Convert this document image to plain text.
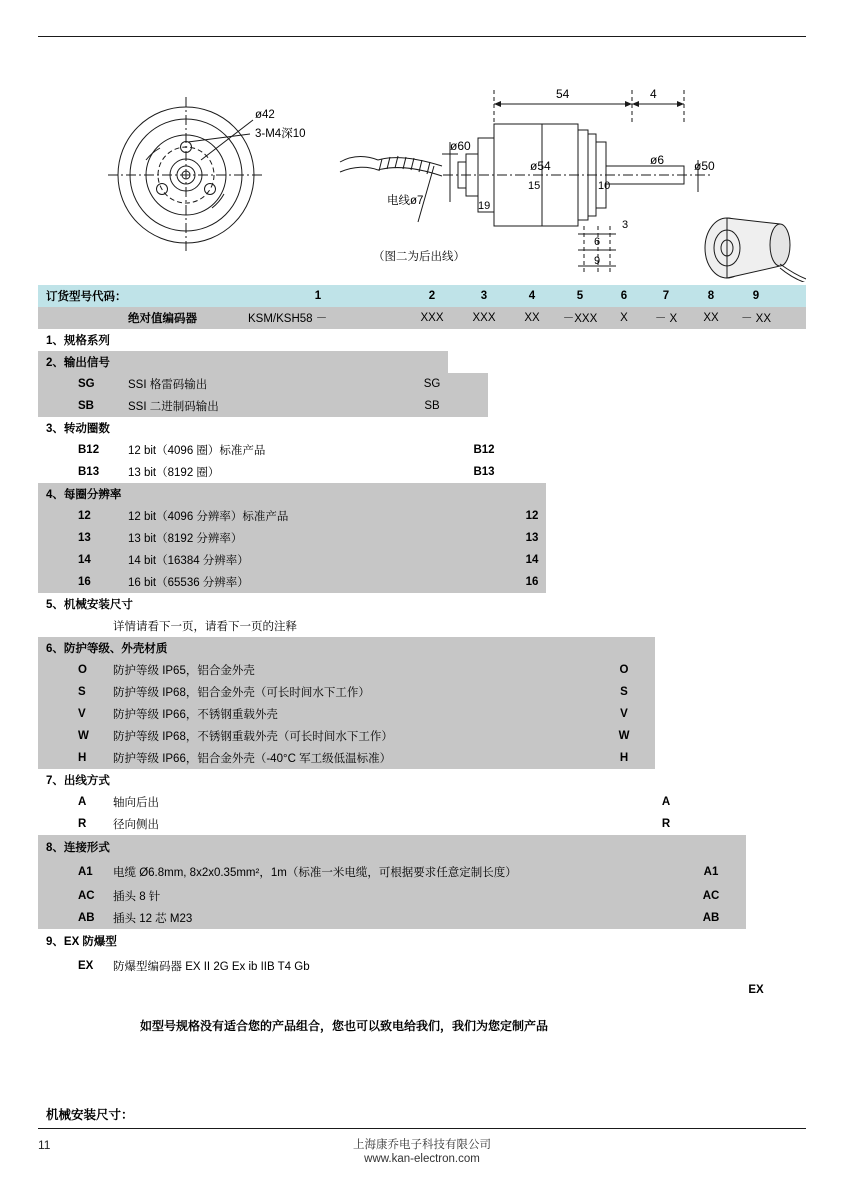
ø42
3-M4深10
ø60
ø54	ø6 ø50
54	4
19
15	10
3
6
9
电线ø7
（图二为后出线）
订货型号代码：	1	2	3	4	5	6	7	8	9
绝对值编码器	KSM/KSH58 －	XXX	XXX	XX	－XXX	X	－ X	XX	－ XX
1、规格系列
2、输出信号
SG	SSI 格雷码输出	SG
SB	SSI 二进制码输出	SB
3、转动圈数
B12	12 bit（4096 圈）标准产品	B12
B13	13 bit（8192 圈）	B13
4、每圈分辨率
12	12 bit（4096 分辨率）标准产品	12
13	13 bit（8192 分辨率）	13
14	14 bit（16384 分辨率）	14
16	16 bit（65536 分辨率）	16
5、机械安装尺寸
详情请看下一页，请看下一页的注释
6、防护等级、外壳材质
O 防护等级 IP65，铝合金外壳	O
S 防护等级 IP68，铝合金外壳（可长时间水下工作）	S
V 防护等级 IP66，不锈钢重载外壳	V
W 防护等级 IP68，不锈钢重载外壳（可长时间水下工作）	W
H 防护等级 IP66，铝合金外壳（-40°C 军工级低温标准）	H
7、出线方式
A 轴向后出	A
R 径向侧出	R
8、连接形式
A1 电缆 Ø6.8mm, 8x2x0.35mm²，1m（标准一米电缆，可根据要求任意定制长度）	A1
AC 插头 8 针	AC
AB 插头 12 芯 M23	AB
9、EX 防爆型
EX 防爆型编码器 EX II 2G Ex ib IIB T4 Gb
EX
如型号规格没有适合您的产品组合，您也可以致电给我们，我们为您定制产品
机械安装尺寸：
11	上海康乔电子科技有限公司
www.kan-electron.com
